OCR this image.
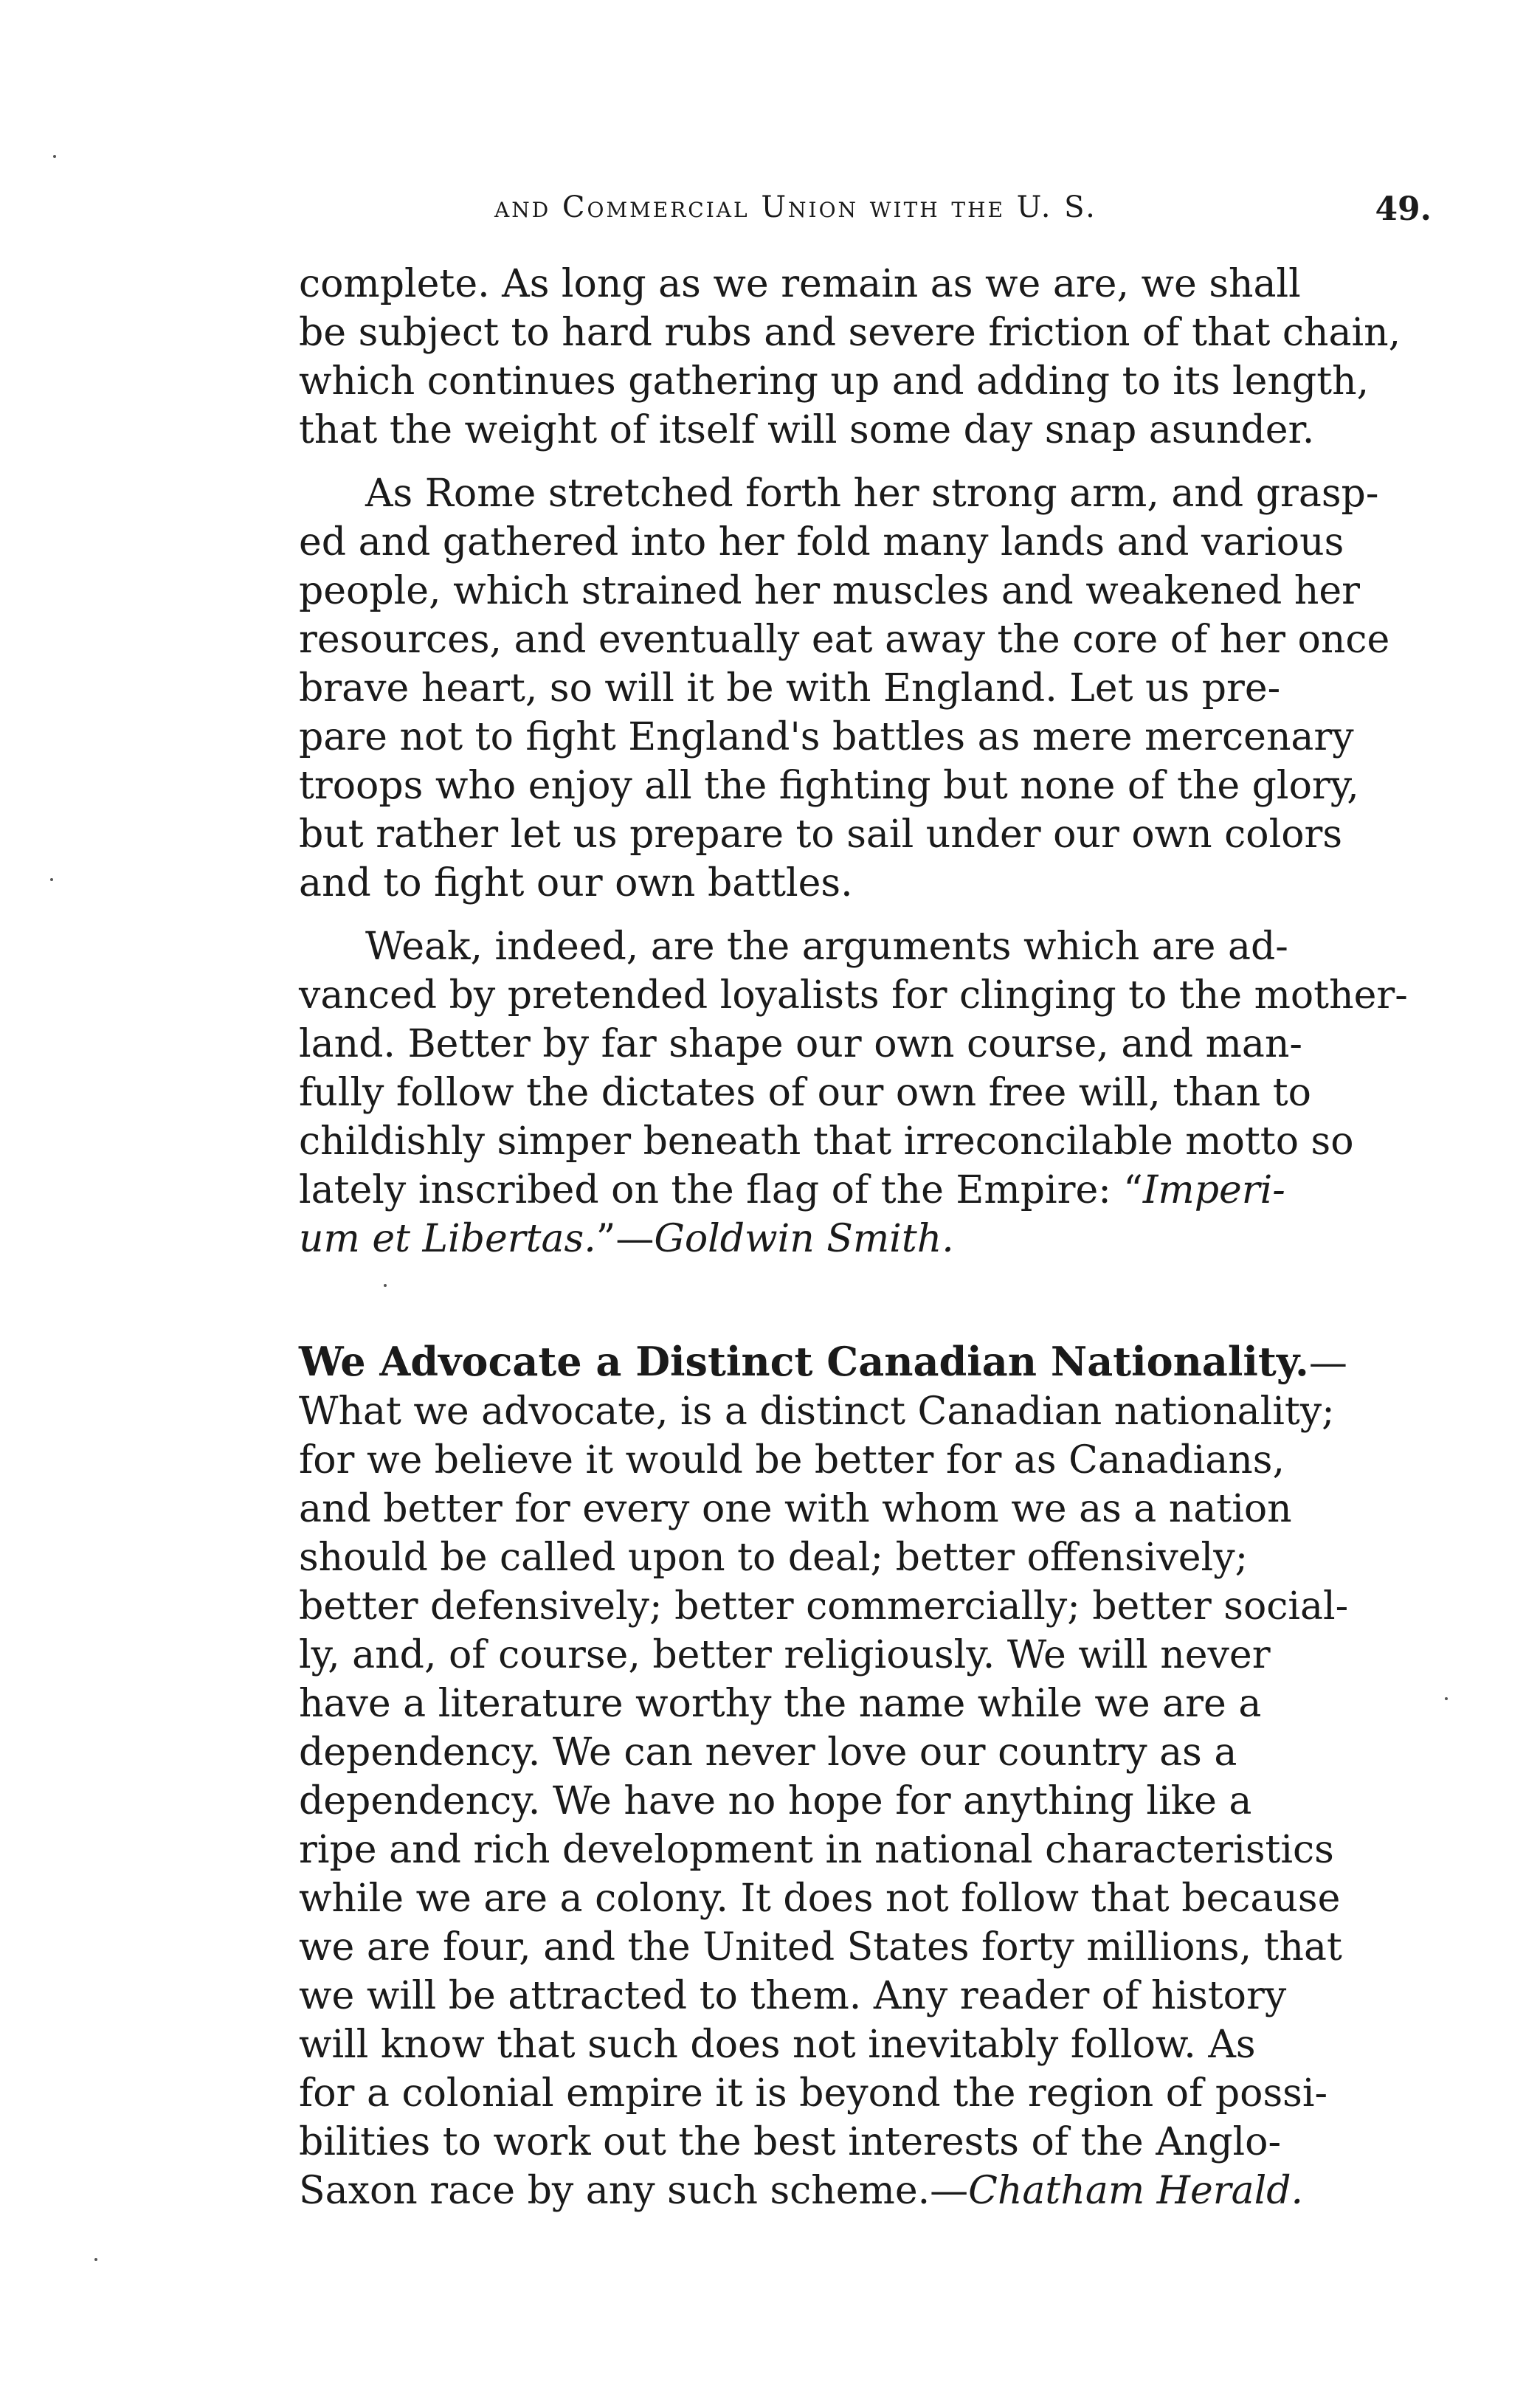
and Commercial Union with the U. S.	49.
complete. As long as we remain as we are, we shall
be subject to hard rubs and severe friction of that chain,
which continues gathering up and adding to its length,
that the weight of itself will some day snap asunder.
As Rome stretched forth her strong arm, and grasp-
ed and gathered into her fold many lands and various
people, which strained her muscles and weakened her
resources, and eventually eat away the core of her once
brave heart, so will it be with England. Let us pre-
pare not to fight England's battles as mere mercenary
troops who enjoy all the fighting but none of the glory,
but rather let us prepare to sail under our own colors
and to fight our own battles.
Weak, indeed, are the arguments which are ad-
vanced by pretended loyalists for clinging to the mother-
land. Better by far shape our own course, and man-
fully follow the dictates of our own free will, than to
childishly simper beneath that irreconcilable motto so
lately inscribed on the flag of the Empire: “Imperi-
um et Libertas.”—Goldwin Smith.
We Advocate a Distinct Canadian Nationality.—
What we advocate, is a distinct Canadian nationality;
for we believe it would be better for as Canadians,
and better for every one with whom we as a nation
should be called upon to deal; better offensively;
better defensively; better commercially; better social-
ly, and, of course, better religiously. We will never
have a literature worthy the name while we are a
dependency. We can never love our country as a
dependency. We have no hope for anything like a
ripe and rich development in national characteristics
while we are a colony. It does not follow that because
we are four, and the United States forty millions, that
we will be attracted to them. Any reader of history
will know that such does not inevitably follow. As
for a colonial empire it is beyond the region of possi-
bilities to work out the best interests of the Anglo-
Saxon race by any such scheme.—Chatham Herald.
